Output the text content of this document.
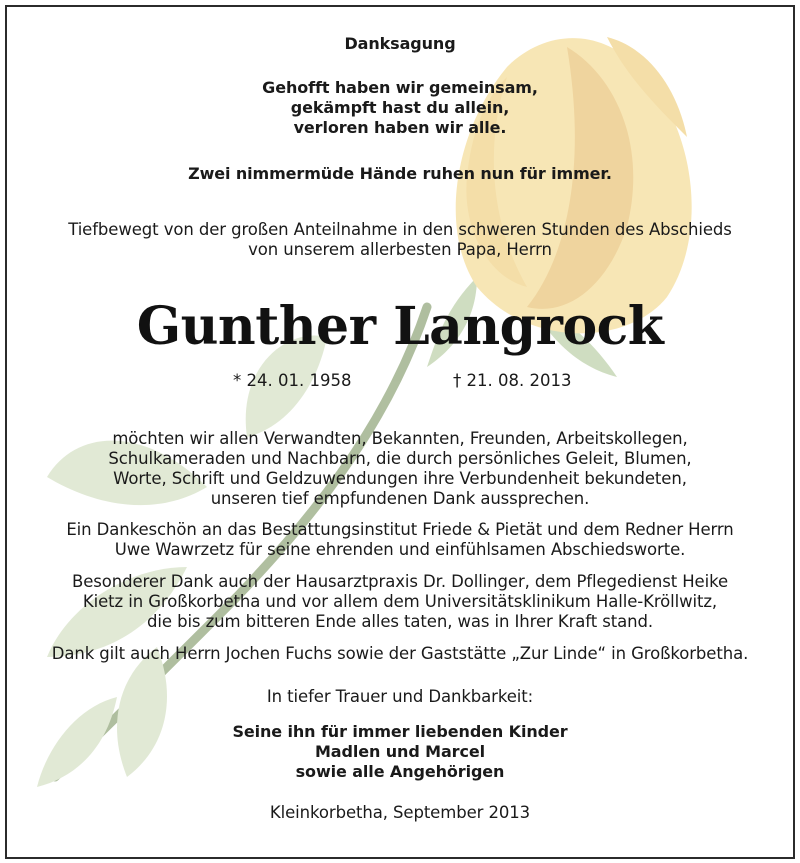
Danksagung
Gehofft haben wir gemeinsam,
gekämpft hast du allein,
verloren haben wir alle.
Zwei nimmermüde Hände ruhen nun für immer.
Tiefbewegt von der großen Anteilnahme in den schweren Stunden des Abschieds
von unserem allerbesten Papa, Herrn
Gunther Langrock
* 24. 01. 1958	† 21. 08. 2013
möchten wir allen Verwandten, Bekannten, Freunden, Arbeitskollegen,
Schulkameraden und Nachbarn, die durch persönliches Geleit, Blumen,
Worte, Schrift und Geldzuwendungen ihre Verbundenheit bekundeten,
unseren tief empfundenen Dank aussprechen.
Ein Dankeschön an das Bestattungsinstitut Friede & Pietät und dem Redner Herrn
Uwe Wawrzetz für seine ehrenden und einfühlsamen Abschiedsworte.
Besonderer Dank auch der Hausarztpraxis Dr. Dollinger, dem Pflegedienst Heike
Kietz in Großkorbetha und vor allem dem Universitätsklinikum Halle-Kröllwitz,
die bis zum bitteren Ende alles taten, was in Ihrer Kraft stand.
Dank gilt auch Herrn Jochen Fuchs sowie der Gaststätte „Zur Linde“ in Großkorbetha.
In tiefer Trauer und Dankbarkeit:
Seine ihn für immer liebenden Kinder
Madlen und Marcel
sowie alle Angehörigen
Kleinkorbetha, September 2013
